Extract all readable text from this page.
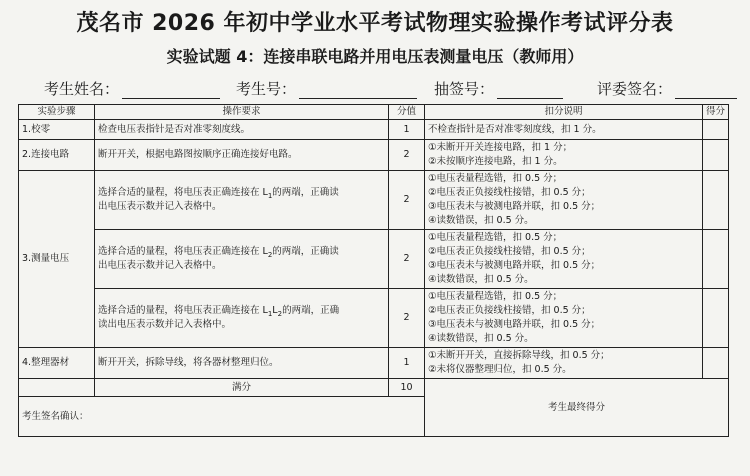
茂名市 2026 年初中学业水平考试物理实验操作考试评分表
实验试题 4：连接串联电路并用电压表测量电压（教师用）
考生姓名：	考生号：	抽签号：	评委签名：
实验步骤	操作要求	分值	扣分说明	得分
1.校零	检查电压表指针是否对准零刻度线。	1	不检查指针是否对准零刻度线，扣 1 分。	

2.连接电路	断开开关，根据电路图按顺序正确连接好电路。	2	①未断开开关连接电路，扣 1 分；
②未按顺序连接电路，扣 1 分。	

3.测量电压	选择合适的量程，将电压表正确连接在 $L_1$的两端，正确读
出电压表示数并记入表格中。	2	①电压表量程选错，扣 0.5 分；
②电压表正负接线柱接错，扣 0.5 分；
③电压表未与被测电路并联，扣 0.5 分；
④读数错误，扣 0.5 分。	

	选择合适的量程，将电压表正确连接在 $L_2$的两端，正确读
出电压表示数并记入表格中。	2	①电压表量程选错，扣 0.5 分；
②电压表正负接线柱接错，扣 0.5 分；
③电压表未与被测电路并联，扣 0.5 分；
④读数错误，扣 0.5 分。	

	选择合适的量程，将电压表正确连接在 $L_1L_2$的两端，正确
读出电压表示数并记入表格中。	2	①电压表量程选错，扣 0.5 分；
②电压表正负接线柱接错，扣 0.5 分；
③电压表未与被测电路并联，扣 0.5 分；
④读数错误，扣 0.5 分。	

4.整理器材	断开开关，拆除导线，将各器材整理归位。	1	①未断开开关，直接拆除导线，扣 0.5 分；
②未将仪器整理归位，扣 0.5 分。	

	满分	10	考生最终得分	
考生签名确认：				
